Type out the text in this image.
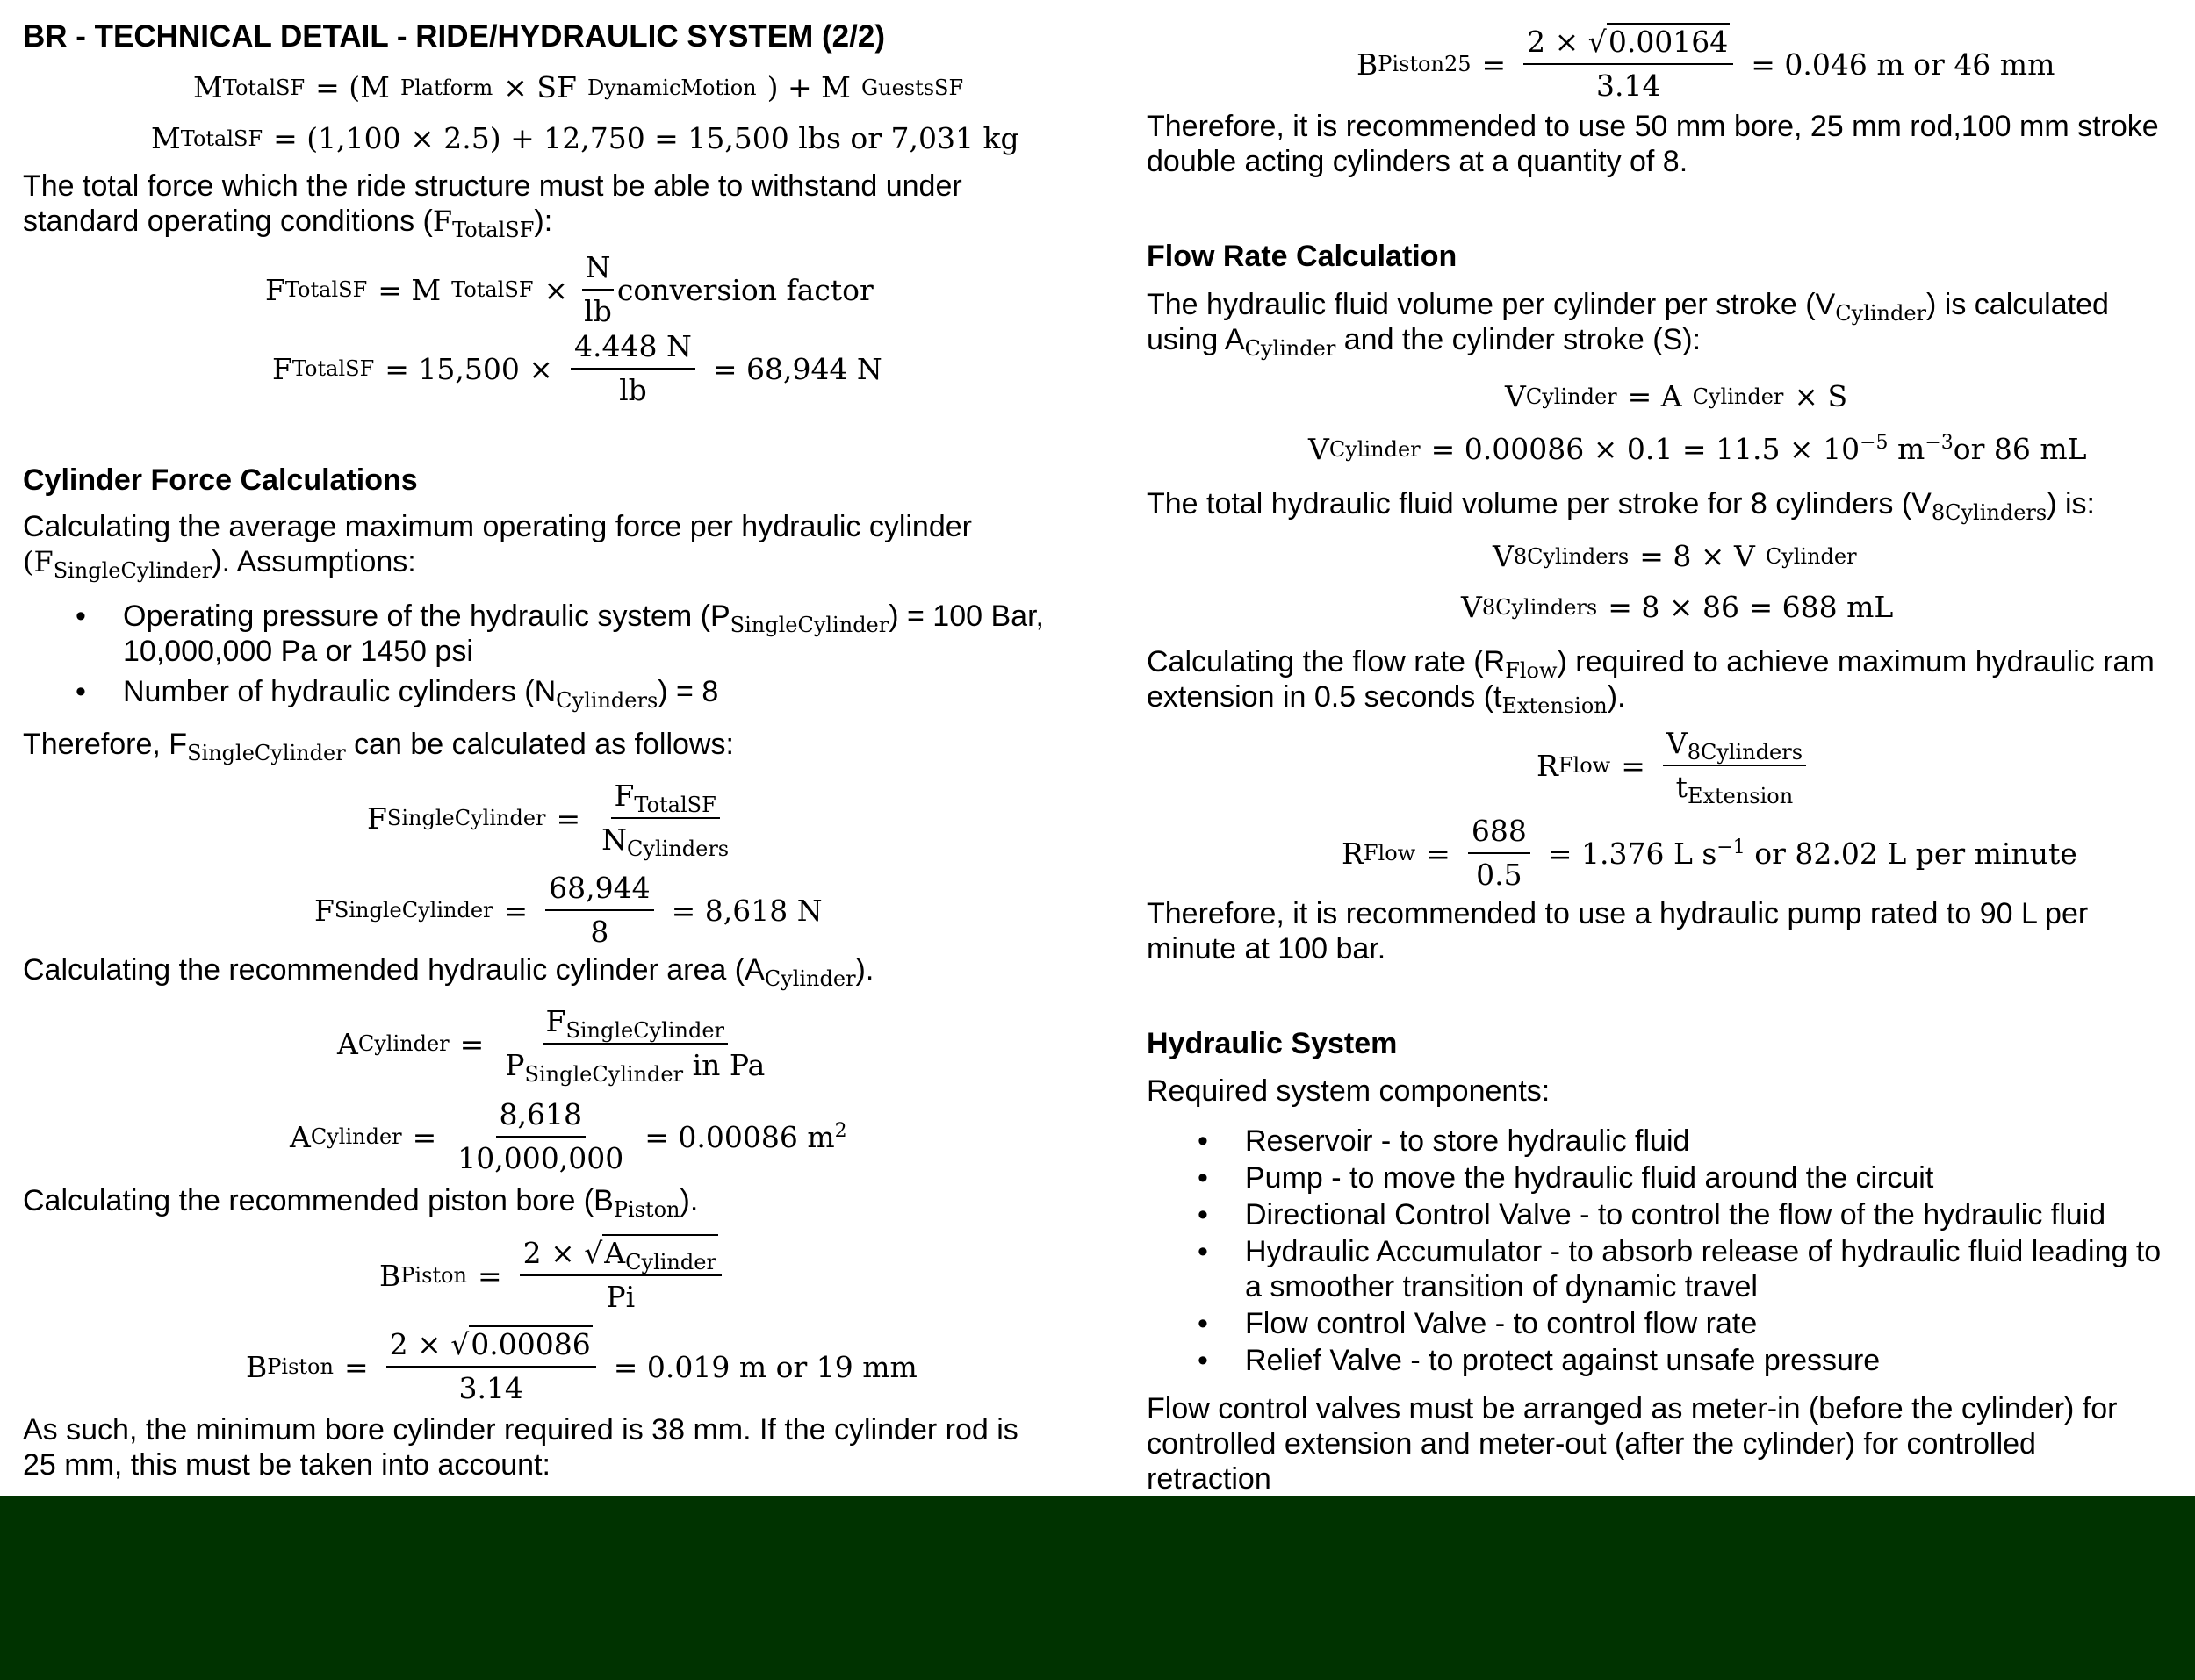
BR - TECHNICAL DETAIL - RIDE/HYDRAULIC SYSTEM (2/2)
M TotalSF = (M Platform × SF DynamicMotion ) + M GuestsSF
M TotalSF = (1,100 × 2.5) + 12,750 = 15,500 lbs or 7,031 kg
The total force which the ride structure must be able to withstand under
standard operating conditions $(F_{TotalSF})$:
F TotalSF = M TotalSF × $\frac{N}{lb}$ conversion factor
F TotalSF = $15,500 \times \frac{4.448 N}{lb} = 68,944$ N
Cylinder Force Calculations
Calculating the average maximum operating force per hydraulic cylinder
$(F_{SingleCylinder})$. Assumptions:
• Operating pressure of the hydraulic system $(P_{SingleCylinder}) = 100$ Bar,
10,000,000 Pa or 1450 psi
• Number of hydraulic cylinders $(N_{Cylinders}) = 8$
Therefore, $F_{SingleCylinder}$ can be calculated as follows:
F SingleCylinder = $\frac{F_{TotalSF}}{N_{Cylinders}}$
F SingleCylinder = $\frac{68,944}{8} = 8,618$ N
Calculating the recommended hydraulic cylinder area $(A_{Cylinder})$.
A Cylinder = $\frac{F_{SingleCylinder}}{P_{SingleCylinder} in Pa}$
A Cylinder = $\frac{8,618}{10,000,000} = 0.00086$ $m^2$
Calculating the recommended piston bore $(B_{Piston})$.
B Piston = $\frac{2 \times √A_{Cylinder}}{Pi}$
B Piston = $\frac{2 \times √0.00086}{3.14} = 0.019$ m or 19 mm
As such, the minimum bore cylinder required is 38 mm. If the cylinder rod is
25 mm, this must be taken into account:
B Piston25 = $\frac{2 \times √0.00164}{3.14} = 0.046$ m or 46 mm
Therefore, it is recommended to use 50 mm bore, 25 mm rod,100 mm stroke
double acting cylinders at a quantity of 8.
Flow Rate Calculation
The hydraulic fluid volume per cylinder per stroke $(V_{Cylinder})$ is calculated
using $A_{Cylinder}$ and the cylinder stroke (S):
V Cylinder = A Cylinder × S
V Cylinder = $0.00086 \times 0.1 = 11.5 \times 10^{-5}$ $m^{-3}or$ 86 mL
The total hydraulic fluid volume per stroke for 8 cylinders $(V_{8Cylinders})$ is:
V 8Cylinders = 8 × V Cylinder
V 8Cylinders = 8 × 86 = 688 mL
Calculating the flow rate $(R_{Flow})$ required to achieve maximum hydraulic ram
extension in 0.5 seconds $(t_{Extension})$.
R Flow = $\frac{V_{8Cylinders}}{t_{Extension}}$
R Flow = $\frac{688}{0.5} = 1.376$ L $s^{-1}$ or 82.02 L per minute
Therefore, it is recommended to use a hydraulic pump rated to 90 L per
minute at 100 bar.
Hydraulic System
Required system components:
• Reservoir - to store hydraulic fluid
• Pump - to move the hydraulic fluid around the circuit
• Directional Control Valve - to control the flow of the hydraulic fluid
• Hydraulic Accumulator - to absorb release of hydraulic fluid leading to
a smoother transition of dynamic travel
• Flow control Valve - to control flow rate
• Relief Valve - to protect against unsafe pressure
Flow control valves must be arranged as meter-in (before the cylinder) for
controlled extension and meter-out (after the cylinder) for controlled
retraction
